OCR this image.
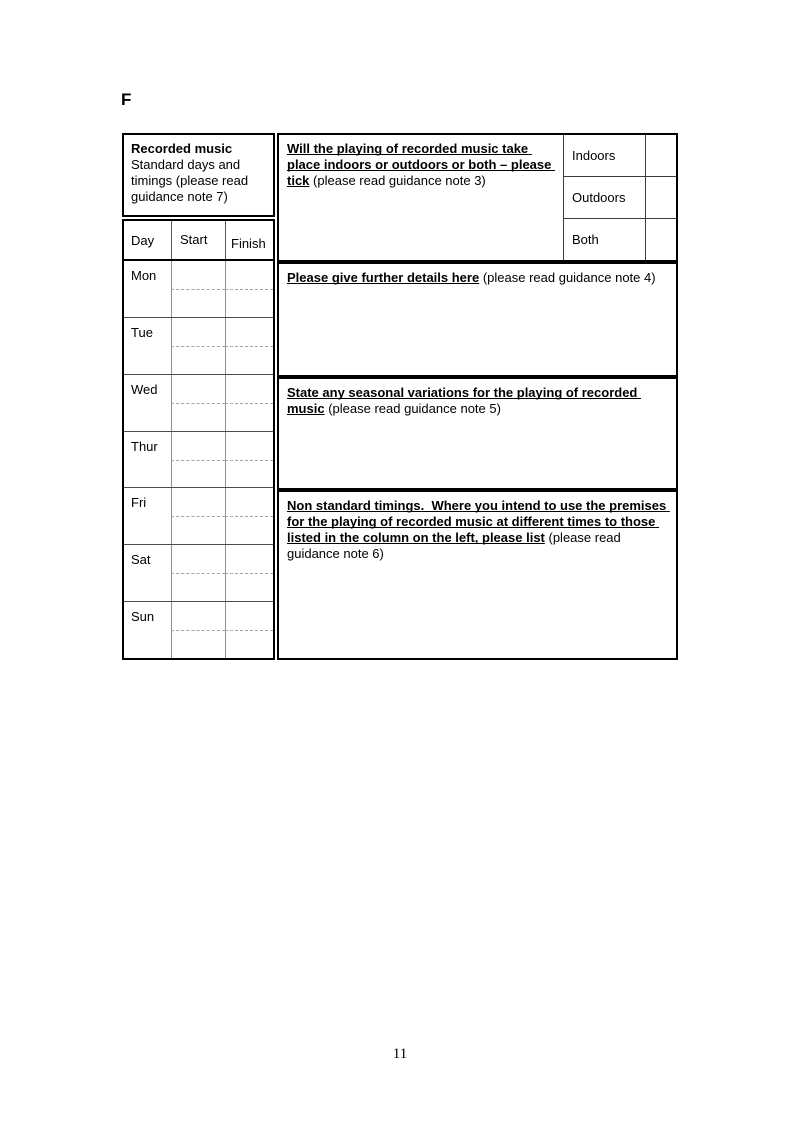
F
Recorded music
Standard days and timings (please read guidance note 7)
Day	Start	Finish
Mon
Tue
Wed
Thur
Fri
Sat
Sun
Will the playing of recorded music take place indoors or outdoors or both – please tick (please read guidance note 3)
Indoors
Outdoors
Both
Please give further details here (please read guidance note 4)
State any seasonal variations for the playing of recorded music (please read guidance note 5)
Non standard timings.  Where you intend to use the premises for the playing of recorded music at different times to those listed in the column on the left, please list (please read guidance note 6)
11
